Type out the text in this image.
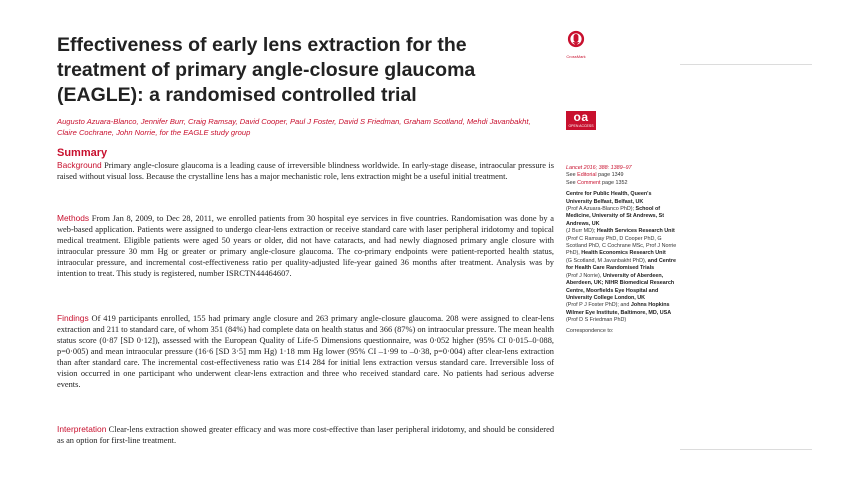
Effectiveness of early lens extraction for the treatment of primary angle-closure glaucoma (EAGLE): a randomised controlled trial
CrossMark
oa
OPEN ACCESS

Augusto Azuara-Blanco, Jennifer Burr, Craig Ramsay, David Cooper, Paul J Foster, David S Friedman, Graham Scotland, Mehdi Javanbakht, Claire Cochrane, John Norrie, for the EAGLE study group

Summary

Background Primary angle-closure glaucoma is a leading cause of irreversible blindness worldwide. In early-stage disease, intraocular pressure is raised without visual loss. Because the crystalline lens has a major mechanistic role, lens extraction might be a useful initial treatment.

Methods From Jan 8, 2009, to Dec 28, 2011, we enrolled patients from 30 hospital eye services in five countries. Randomisation was done by a web-based application. Patients were assigned to undergo clear-lens extraction or receive standard care with laser peripheral iridotomy and topical medical treatment. Eligible patients were aged 50 years or older, did not have cataracts, and had newly diagnosed primary angle closure with intraocular pressure 30 mm Hg or greater or primary angle-closure glaucoma. The co-primary endpoints were patient-reported health status, intraocular pressure, and incremental cost-effectiveness ratio per quality-adjusted life-year gained 36 months after treatment. Analysis was by intention to treat. This study is registered, number ISRCTN44464607.

Findings Of 419 participants enrolled, 155 had primary angle closure and 263 primary angle-closure glaucoma. 208 were assigned to clear-lens extraction and 211 to standard care, of whom 351 (84%) had complete data on health status and 366 (87%) on intraocular pressure. The mean health status score (0·87 [SD 0·12]), assessed with the European Quality of Life-5 Dimensions questionnaire, was 0·052 higher (95% CI 0·015–0·088, p=0·005) and mean intraocular pressure (16·6 [SD 3·5] mm Hg) 1·18 mm Hg lower (95% CI –1·99 to –0·38, p=0·004) after clear-lens extraction than after standard care. The incremental cost-effectiveness ratio was £14 284 for initial lens extraction versus standard care. Irreversible loss of vision occurred in one participant who underwent clear-lens extraction and three who received standard care. No patients had serious adverse events.

Interpretation Clear-lens extraction showed greater efficacy and was more cost-effective than laser peripheral iridotomy, and should be considered as an option for first-line treatment.

Lancet 2016; 388: 1389–97
See Editorial page 1349
See Comment page 1352
Centre for Public Health, Queen's University Belfast, Belfast, UK
(Prof A Azuara-Blanco PhD); School of Medicine, University of St Andrews, St Andrews, UK
(J Burr MD); Health Services Research Unit
(Prof C Ramsay PhD, D Cooper PhD, G Scotland PhD, C Cochrane MSc, Prof J Norrie PhD), Health Economics Research Unit
(G Scotland, M Javanbakht PhD), and Centre for Health Care Randomised Trials
(Prof J Norrie), University of Aberdeen, Aberdeen, UK; NIHR Biomedical Research Centre, Moorfields Eye Hospital and University College London, UK
(Prof P J Foster PhD); and Johns Hopkins Wilmer Eye Institute, Baltimore, MD, USA
(Prof D S Friedman PhD)
Correspondence to:
